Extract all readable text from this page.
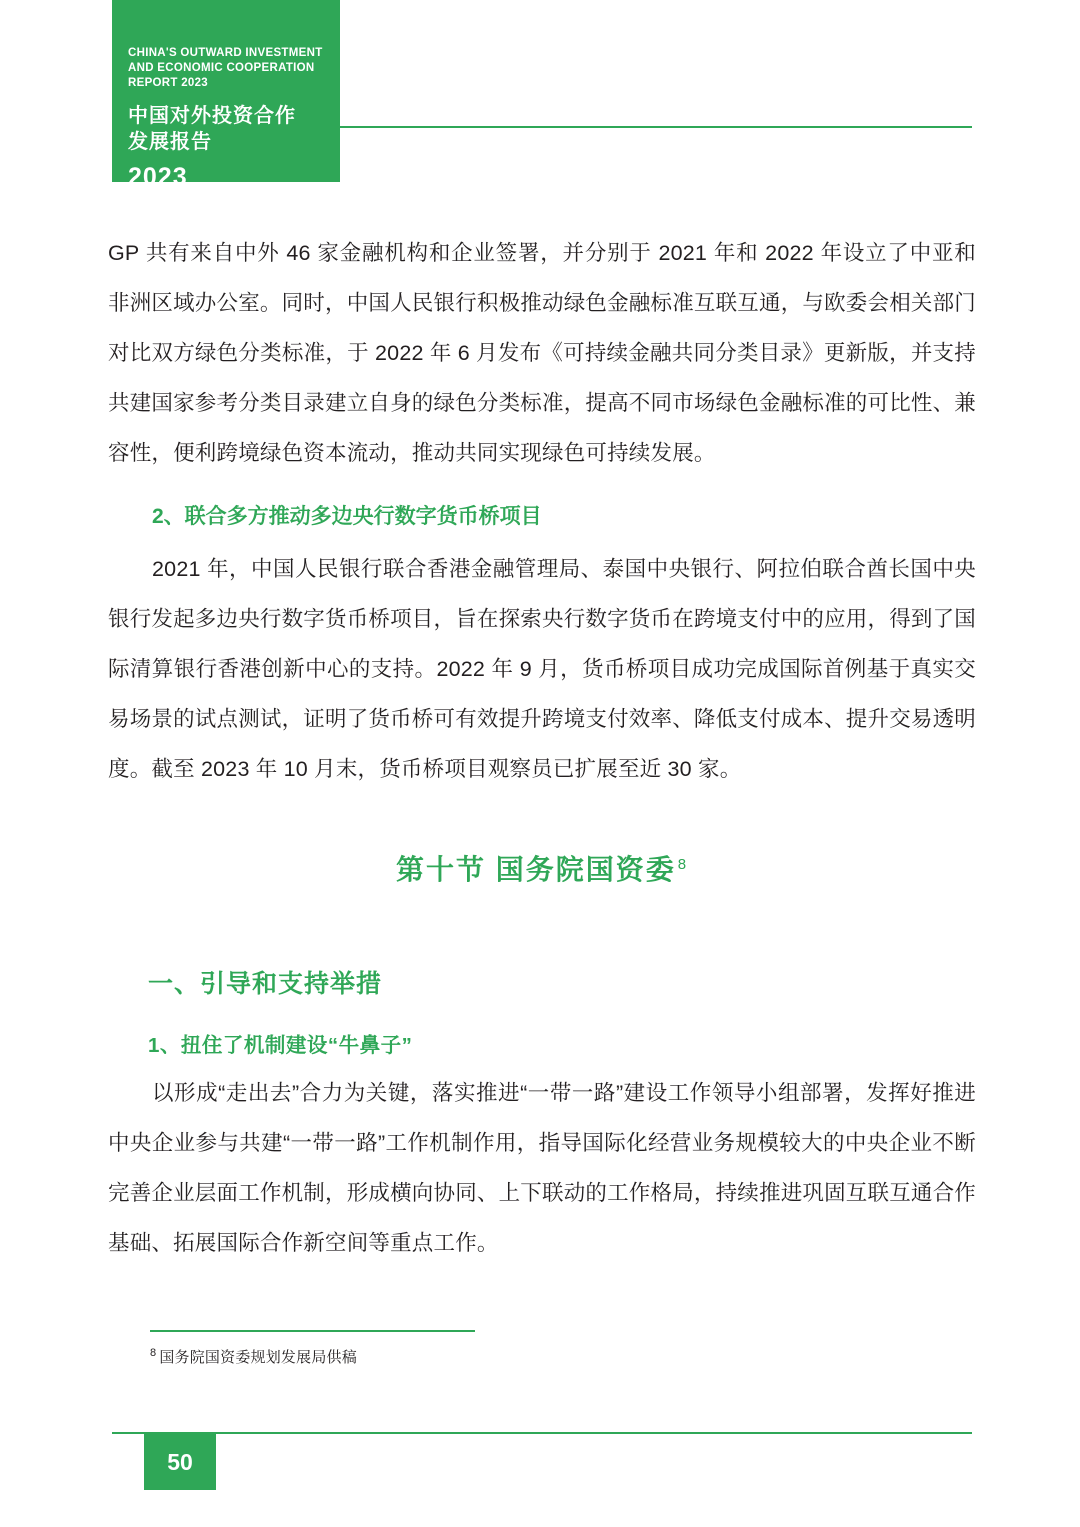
CHINA'S OUTWARD INVESTMENT
AND ECONOMIC COOPERATION
REPORT 2023
中国对外投资合作
发展报告
2023

GP 共有来自中外 46 家金融机构和企业签署，并分别于 2021 年和 2022 年设立了中亚和非洲区域办公室。同时，中国人民银行积极推动绿色金融标准互联互通，与欧委会相关部门对比双方绿色分类标准，于 2022 年 6 月发布《可持续金融共同分类目录》更新版，并支持共建国家参考分类目录建立自身的绿色分类标准，提高不同市场绿色金融标准的可比性、兼容性，便利跨境绿色资本流动，推动共同实现绿色可持续发展。

2、联合多方推动多边央行数字货币桥项目

2021 年，中国人民银行联合香港金融管理局、泰国中央银行、阿拉伯联合酋长国中央银行发起多边央行数字货币桥项目，旨在探索央行数字货币在跨境支付中的应用，得到了国际清算银行香港创新中心的支持。2022 年 9 月，货币桥项目成功完成国际首例基于真实交易场景的试点测试，证明了货币桥可有效提升跨境支付效率、降低支付成本、提升交易透明度。截至 2023 年 10 月末，货币桥项目观察员已扩展至近 30 家。

第十节 国务院国资委 $^8$
一、引导和支持举措
1、扭住了机制建设“牛鼻子”

以形成“走出去”合力为关键，落实推进“一带一路”建设工作领导小组部署，发挥好推进中央企业参与共建“一带一路”工作机制作用，指导国际化经营业务规模较大的中央企业不断完善企业层面工作机制，形成横向协同、上下联动的工作格局，持续推进巩固互联互通合作基础、拓展国际合作新空间等重点工作。

$^8$ 国务院国资委规划发展局供稿
50
